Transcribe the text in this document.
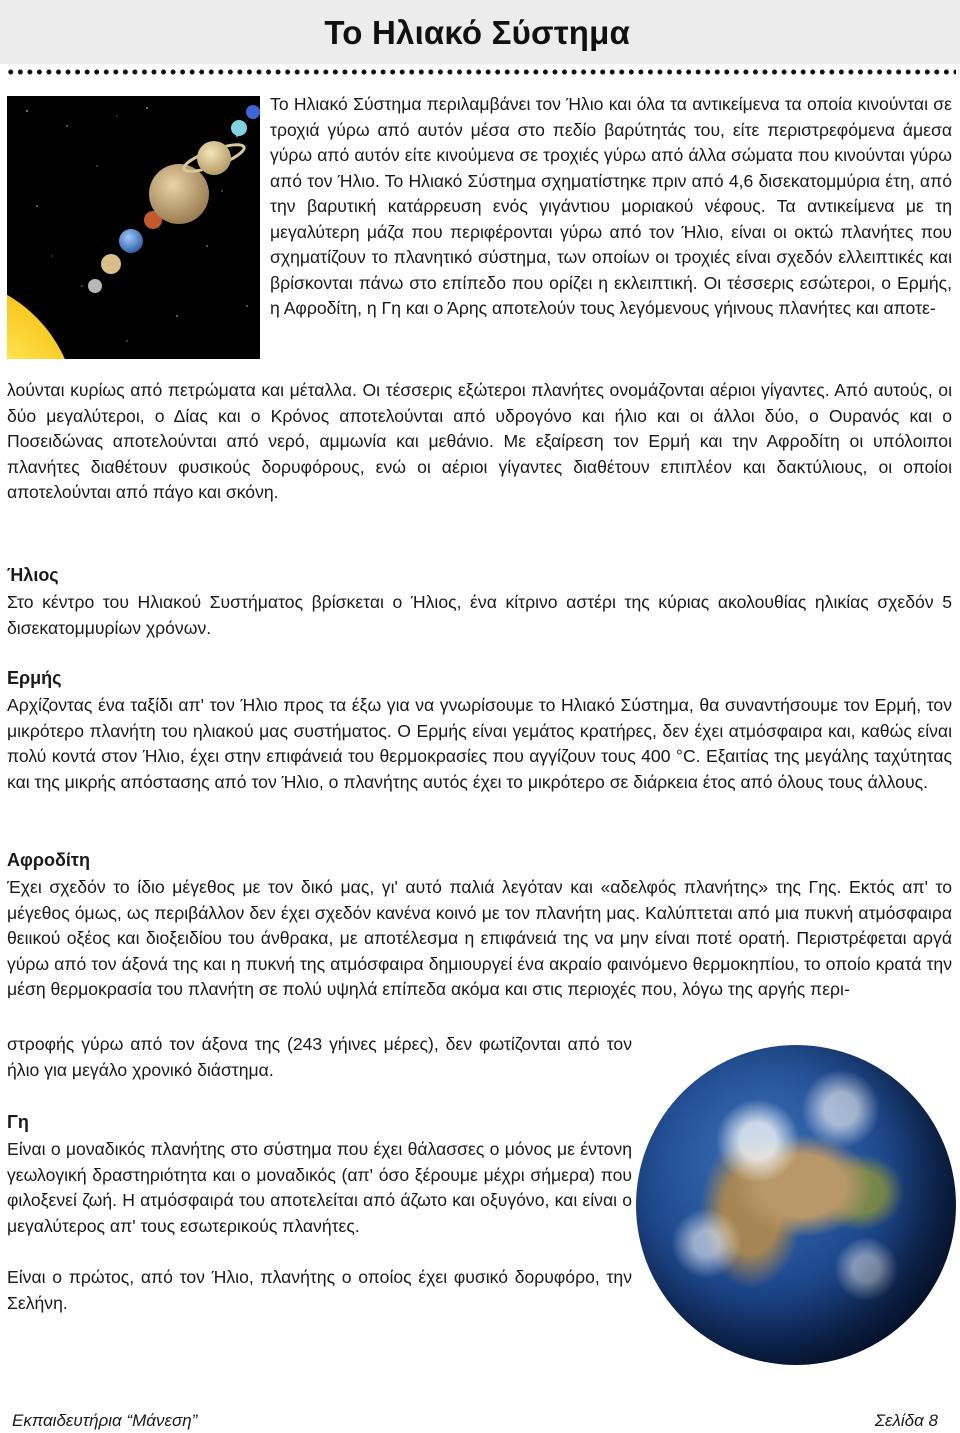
Το Ηλιακό Σύστημα

Το Ηλιακό Σύστημα περιλαμβάνει τον Ήλιο και όλα τα αντικείμενα τα οποία κινούνται σε τροχιά γύρω από αυτόν μέσα στο πεδίο βαρύτητάς του, είτε περιστρεφόμενα άμεσα γύρω από αυτόν είτε κινούμενα σε τροχιές γύρω από άλλα σώματα που κινούνται γύρω από τον Ήλιο. Το Ηλιακό Σύστημα σχηματίστηκε πριν από 4,6 δισεκατομμύρια έτη, από την βαρυτική κατάρρευση ενός γιγάντιου μοριακού νέφους. Τα αντικείμενα με τη μεγαλύτερη μάζα που περιφέρονται γύρω από τον Ήλιο, είναι οι οκτώ πλανήτες που σχηματίζουν το πλανητικό σύστημα, των οποίων οι τροχιές είναι σχεδόν ελλειπτικές και βρίσκονται πάνω στο επίπεδο που ορίζει η εκλειπτική. Οι τέσσερις εσώτεροι, ο Ερμής, η Αφροδίτη, η Γη και ο Άρης αποτελούν τους λεγόμενους γήινους πλανήτες και αποτε-

λούνται κυρίως από πετρώματα και μέταλλα. Οι τέσσερις εξώτεροι πλανήτες ονομάζονται αέριοι γίγαντες. Από αυτούς, οι δύο μεγαλύτεροι, ο Δίας και ο Κρόνος αποτελούνται από υδρογόνο και ήλιο και οι άλλοι δύο, ο Ουρανός και ο Ποσειδώνας αποτελούνται από νερό, αμμωνία και μεθάνιο. Με εξαίρεση τον Ερμή και την Αφροδίτη οι υπόλοιποι πλανήτες διαθέτουν φυσικούς δορυφόρους, ενώ οι αέριοι γίγαντες διαθέτουν επιπλέον και δακτύλιους, οι οποίοι αποτελούνται από πάγο και σκόνη.

Ήλιος

Στο κέντρο του Ηλιακού Συστήματος βρίσκεται ο Ήλιος, ένα κίτρινο αστέρι της κύριας ακολουθίας ηλικίας σχεδόν 5 δισεκατομμυρίων χρόνων.

Ερμής

Αρχίζοντας ένα ταξίδι απ' τον Ήλιο προς τα έξω για να γνωρίσουμε το Ηλιακό Σύστημα, θα συναντήσουμε τον Ερμή, τον μικρότερο πλανήτη του ηλιακού μας συστήματος. Ο Ερμής είναι γεμάτος κρατήρες, δεν έχει ατμόσφαιρα και, καθώς είναι πολύ κοντά στον Ήλιο, έχει στην επιφάνειά του θερμοκρασίες που αγγίζουν τους 400 °C. Εξαιτίας της μεγάλης ταχύτητας και της μικρής απόστασης από τον Ήλιο, ο πλανήτης αυτός έχει το μικρότερο σε διάρκεια έτος από όλους τους άλλους.

Αφροδίτη

Έχει σχεδόν το ίδιο μέγεθος με τον δικό μας, γι' αυτό παλιά λεγόταν και «αδελφός πλανήτης» της Γης. Εκτός απ' το μέγεθος όμως, ως περιβάλλον δεν έχει σχεδόν κανένα κοινό με τον πλανήτη μας. Καλύπτεται από μια πυκνή ατμόσφαιρα θειικού οξέος και διοξειδίου του άνθρακα, με αποτέλεσμα η επιφάνειά της να μην είναι ποτέ ορατή. Περιστρέφεται αργά γύρω από τον άξονά της και η πυκνή της ατμόσφαιρα δημιουργεί ένα ακραίο φαινόμενο θερμοκηπίου, το οποίο κρατά την μέση θερμοκρασία του πλανήτη σε πολύ υψηλά επίπεδα ακόμα και στις περιοχές που, λόγω της αργής περι-

στροφής γύρω από τον άξονα της (243 γήινες μέρες), δεν φωτίζονται από τον ήλιο για μεγάλο χρονικό διάστημα.

Γη

Είναι ο μοναδικός πλανήτης στο σύστημα που έχει θάλασσες ο μόνος με έντονη γεωλογική δραστηριότητα και ο μοναδικός (απ' όσο ξέρουμε μέχρι σήμερα) που φιλοξενεί ζωή. Η ατμόσφαιρά του αποτελείται από άζωτο και οξυγόνο, και είναι ο μεγαλύτερος απ' τους εσωτερικούς πλανήτες.

Είναι ο πρώτος, από τον Ήλιο, πλανήτης ο οποίος έχει φυσικό δορυφόρο, την Σελήνη.

Εκπαιδευτήρια “Μάνεση”	Σελίδα 8
